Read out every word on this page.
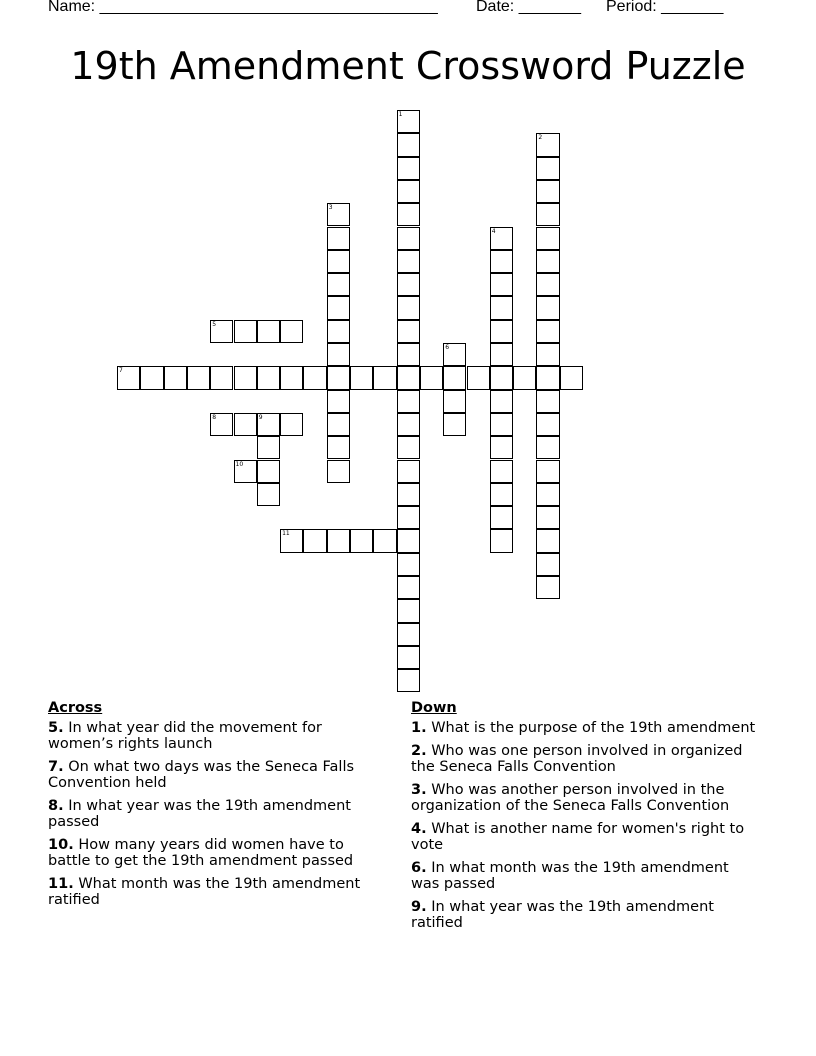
Name: ______________________________________

Date: _______

Period: _______

19th Amendment Crossword Puzzle
1
2
3
4
5
6
7
8	9
10
11
Across
5. In what year did the movement for women’s rights launch
7. On what two days was the Seneca Falls Convention held
8. In what year was the 19th amendment passed
10. How many years did women have to battle to get the 19th amendment passed
11. What month was the 19th amendment ratified
Down
1. What is the purpose of the 19th amendment
2. Who was one person involved in organized the Seneca Falls Convention
3. Who was another person involved in the organization of the Seneca Falls Convention
4. What is another name for women's right to vote
6. In what month was the 19th amendment was passed
9. In what year was the 19th amendment ratified
